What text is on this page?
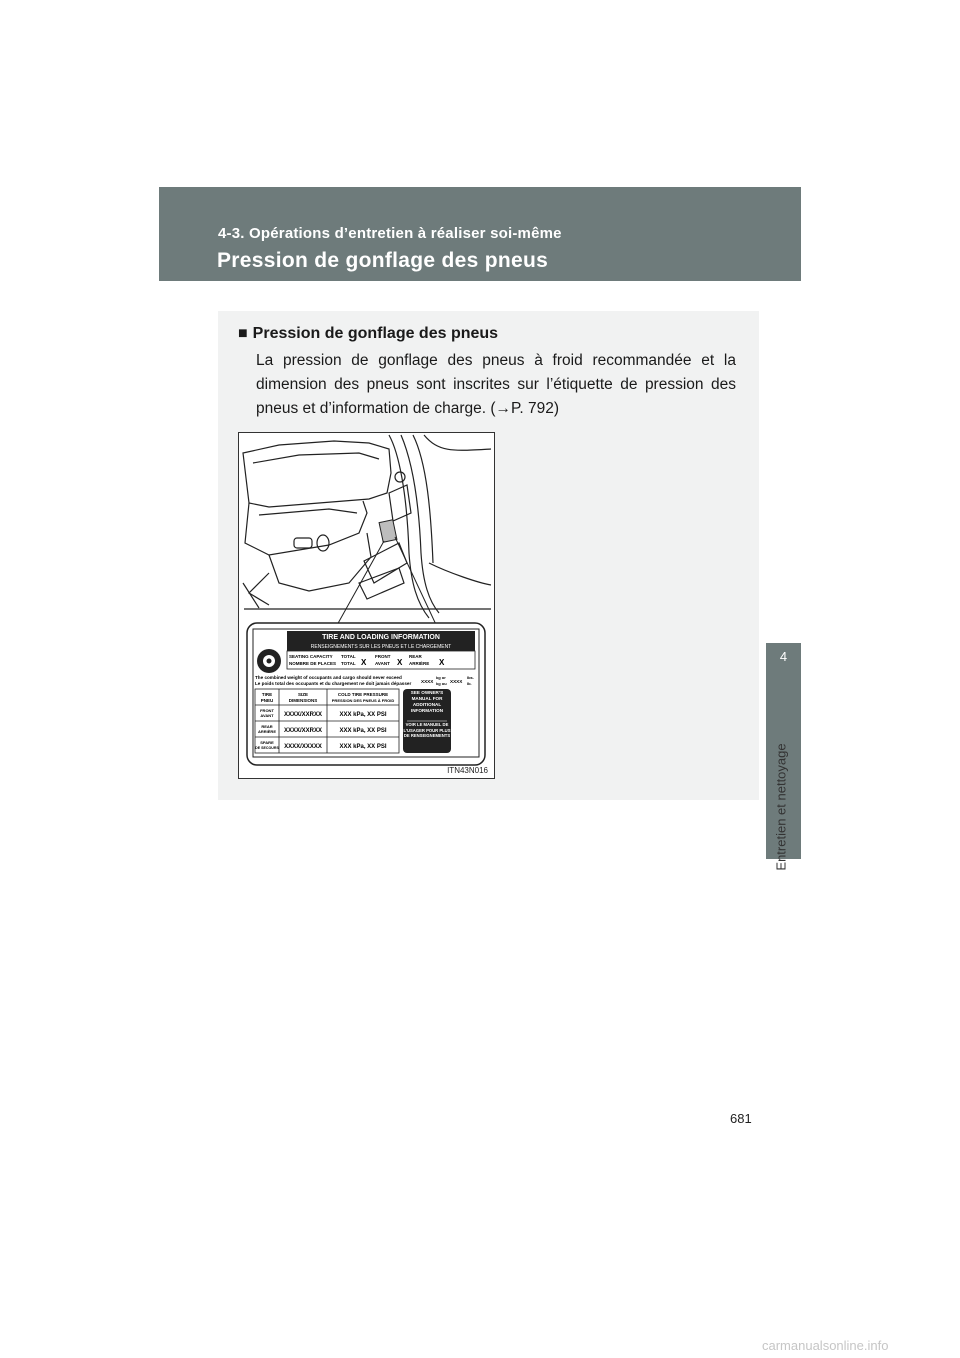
4-3. Opérations d’entretien à réaliser soi-même
Pression de gonflage des pneus
4
Entretien et nettoyage
■ Pression de gonflage des pneus
La pression de gonflage des pneus à froid recommandée et la dimension des pneus sont inscrites sur l’étiquette de pression des pneus et d’information de charge. (→P. 792)
TIRE AND LOADING INFORMATION
RENSEIGNEMENTS SUR LES PNEUS ET LE CHARGEMENT
SEATING CAPACITY
NOMBRE DE PLACES
TOTAL
TOTAL X
FRONT
AVANT X
REAR
ARRIÈRE X
The combined weight of occupants and cargo should never exceed
Le poids total des occupants et du chargement ne doit jamais dépasser XXXX
kg or
kg ou XXXX
lbs.
lb.
TIRE
PNEU
SIZE
DIMENSIONS
COLD TIRE PRESSURE
PRESSION DES PNEUS À FROID
FRONT
AVANT
REAR
ARRIÈRE
SPARE
DE SECOURS
XXXX/XXRXX
XXXX/XXRXX
XXXX/XXXXX
XXX kPa, XX PSI
XXX kPa, XX PSI
XXX kPa, XX PSI
SEE OWNER’S MANUAL FOR ADDITIONAL INFORMATION
VOIR LE MANUEL DE L’USAGER POUR PLUS DE RENSEIGNEMENTS
ITN43N016
681
carmanualsonline.info
